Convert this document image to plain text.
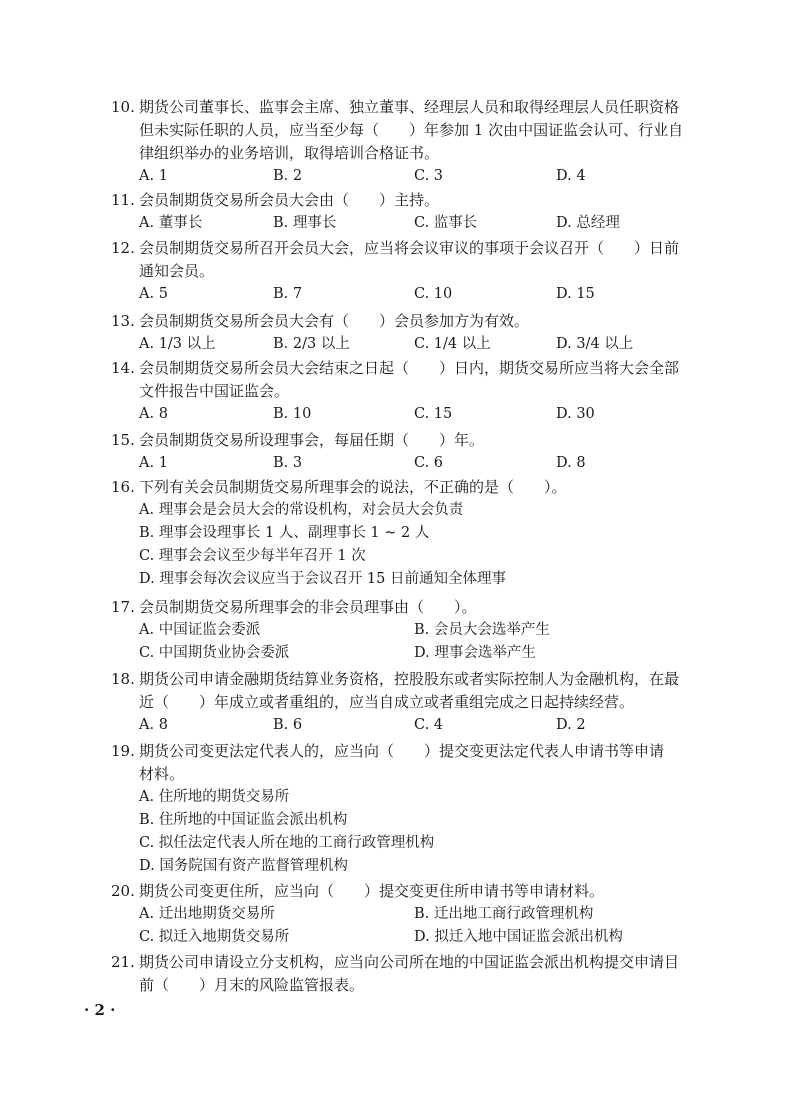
10. 期货公司董事长、监事会主席、独立董事、经理层人员和取得经理层人员任职资格
但未实际任职的人员，应当至少每（　　）年参加 1 次由中国证监会认可、行业自
律组织举办的业务培训，取得培训合格证书。
A. 1	B. 2	C. 3	D. 4
11. 会员制期货交易所会员大会由（　　）主持。
A. 董事长	B. 理事长	C. 监事长	D. 总经理
12. 会员制期货交易所召开会员大会，应当将会议审议的事项于会议召开（　　）日前
通知会员。
A. 5	B. 7	C. 10	D. 15
13. 会员制期货交易所会员大会有（　　）会员参加方为有效。
A. 1/3 以上	B. 2/3 以上	C. 1/4 以上	D. 3/4 以上
14. 会员制期货交易所会员大会结束之日起（　　）日内，期货交易所应当将大会全部
文件报告中国证监会。
A. 8	B. 10	C. 15	D. 30
15. 会员制期货交易所设理事会，每届任期（　　）年。
A. 1	B. 3	C. 6	D. 8
16. 下列有关会员制期货交易所理事会的说法，不正确的是（　　）。
A. 理事会是会员大会的常设机构，对会员大会负责
B. 理事会设理事长 1 人、副理事长 1 ~ 2 人
C. 理事会会议至少每半年召开 1 次
D. 理事会每次会议应当于会议召开 15 日前通知全体理事
17. 会员制期货交易所理事会的非会员理事由（　　）。
A. 中国证监会委派	B. 会员大会选举产生
C. 中国期货业协会委派	D. 理事会选举产生
18. 期货公司申请金融期货结算业务资格，控股股东或者实际控制人为金融机构，在最
近（　　）年成立或者重组的，应当自成立或者重组完成之日起持续经营。
A. 8	B. 6	C. 4	D. 2
19. 期货公司变更法定代表人的，应当向（　　）提交变更法定代表人申请书等申请
材料。
A. 住所地的期货交易所
B. 住所地的中国证监会派出机构
C. 拟任法定代表人所在地的工商行政管理机构
D. 国务院国有资产监督管理机构
20. 期货公司变更住所，应当向（　　）提交变更住所申请书等申请材料。
A. 迁出地期货交易所	B. 迁出地工商行政管理机构
C. 拟迁入地期货交易所	D. 拟迁入地中国证监会派出机构
21. 期货公司申请设立分支机构，应当向公司所在地的中国证监会派出机构提交申请目
前（　　）月末的风险监管报表。
· 2 ·
